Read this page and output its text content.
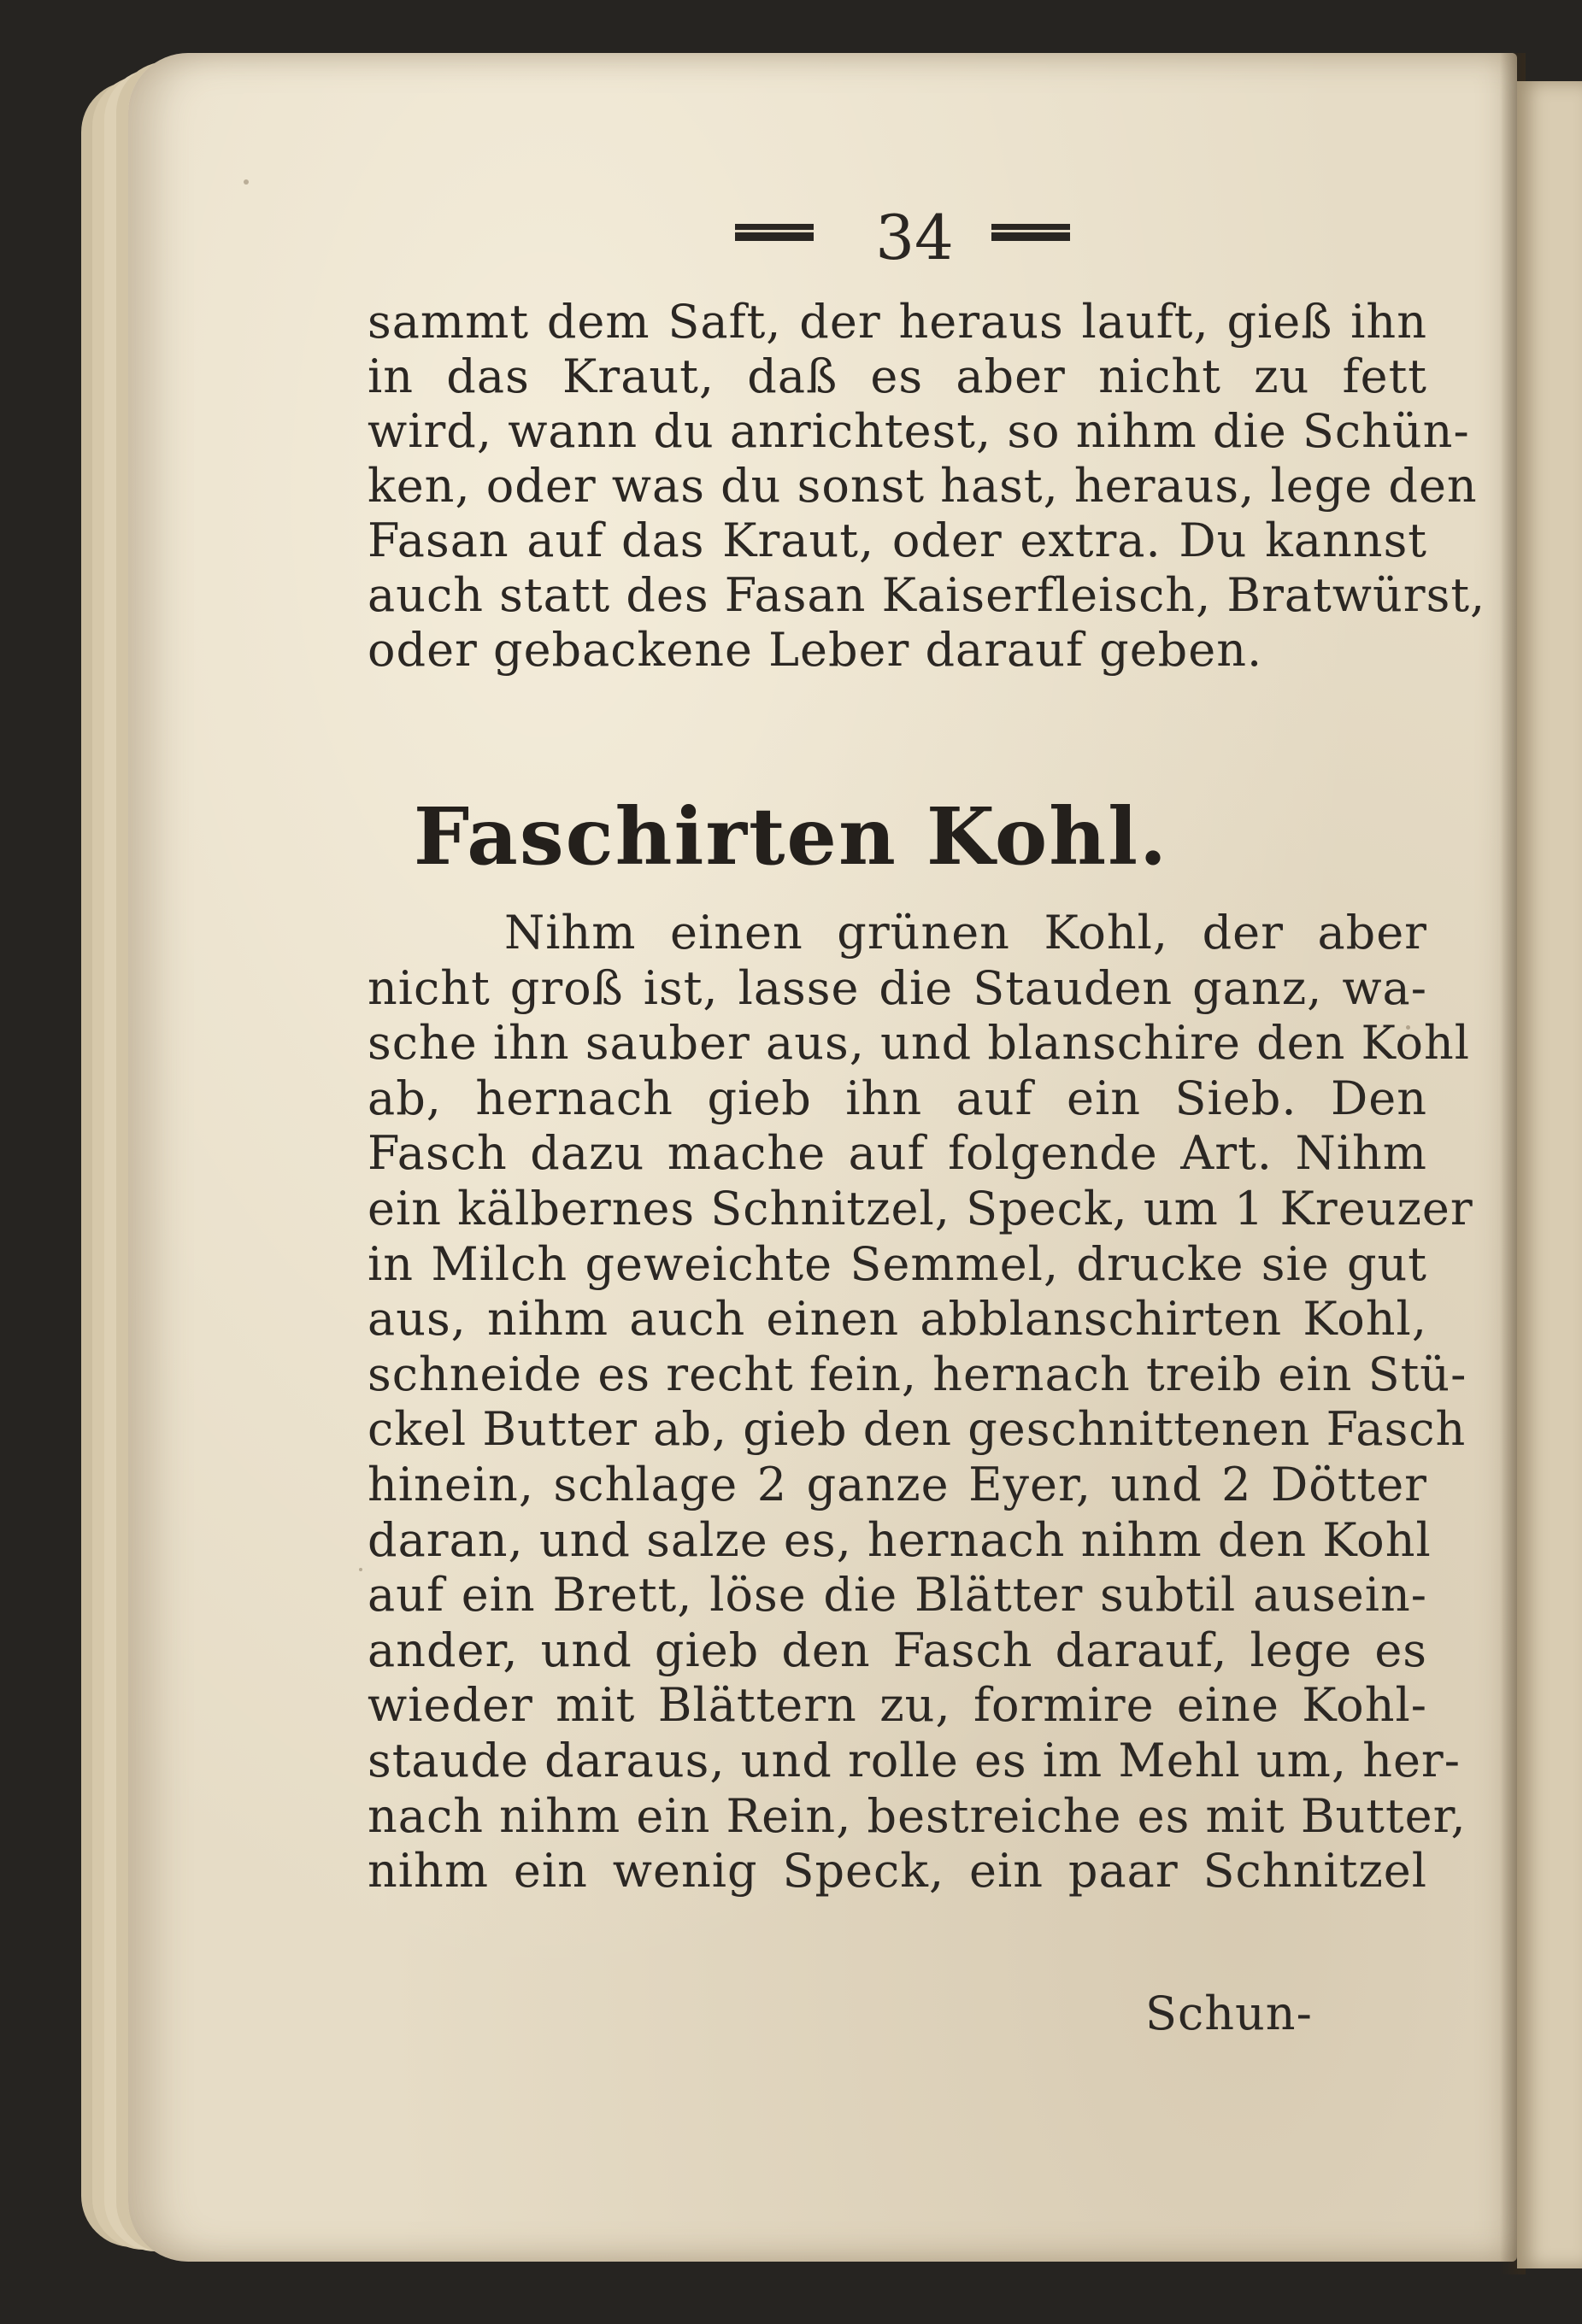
34
sammt dem Saft, der heraus lauft, gieß ihn
in das Kraut, daß es aber nicht zu fett
wird, wann du anrichtest, so nihm die Schün-
ken, oder was du sonst hast, heraus, lege den
Fasan auf das Kraut, oder extra. Du kannst
auch statt des Fasan Kaiserfleisch, Bratwürst,
oder gebackene Leber darauf geben.
Faschirten Kohl.
Nihm einen grünen Kohl, der aber
nicht groß ist, lasse die Stauden ganz, wa-
sche ihn sauber aus, und blanschire den Kohl
ab, hernach gieb ihn auf ein Sieb. Den
Fasch dazu mache auf folgende Art. Nihm
ein kälbernes Schnitzel, Speck, um 1 Kreuzer
in Milch geweichte Semmel, drucke sie gut
aus, nihm auch einen abblanschirten Kohl,
schneide es recht fein, hernach treib ein Stü-
ckel Butter ab, gieb den geschnittenen Fasch
hinein, schlage 2 ganze Eyer, und 2 Dötter
daran, und salze es, hernach nihm den Kohl
auf ein Brett, löse die Blätter subtil ausein-
ander, und gieb den Fasch darauf, lege es
wieder mit Blättern zu, formire eine Kohl-
staude daraus, und rolle es im Mehl um, her-
nach nihm ein Rein, bestreiche es mit Butter,
nihm ein wenig Speck, ein paar Schnitzel
Schun-
